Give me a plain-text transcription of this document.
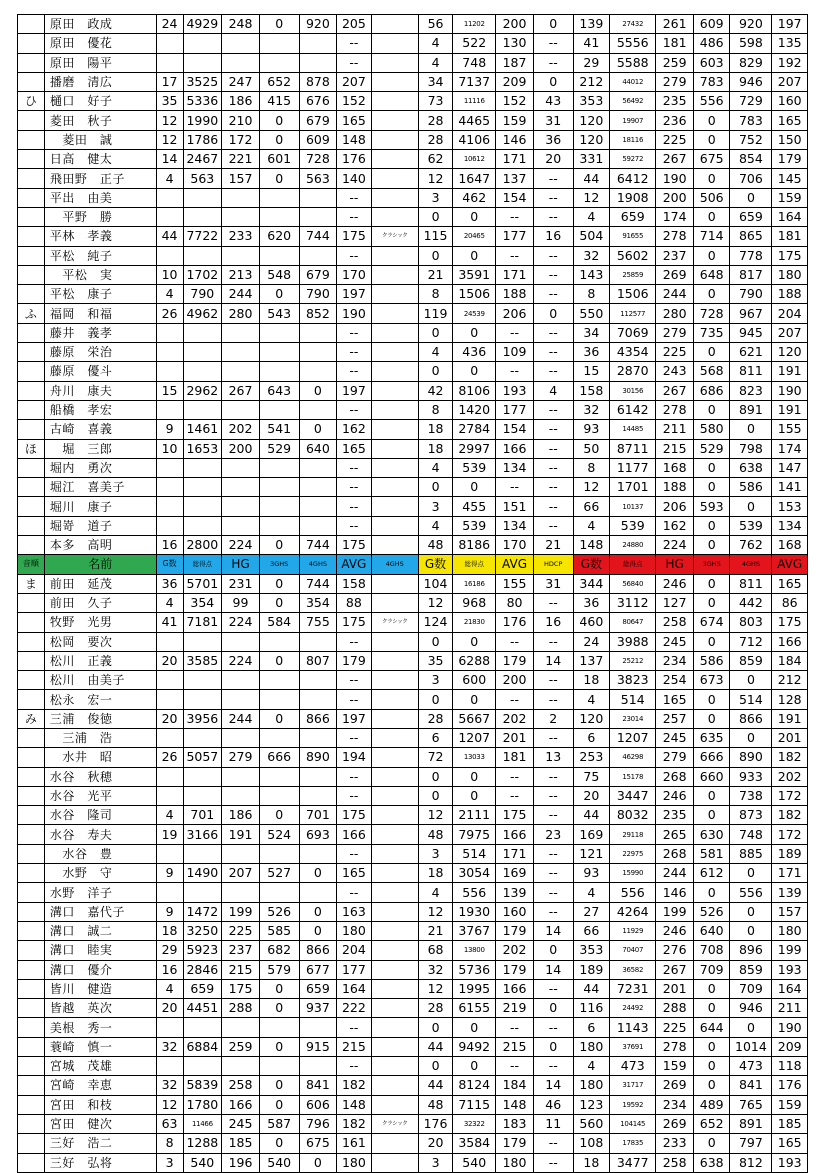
	原田　政成	24	4929	248	0	920	205		56	11202	200	0	139	27432	261	609	920	197
	原田　優花						--		4	522	130	--	41	5556	181	486	598	135
	原田　陽平						--		4	748	187	--	29	5588	259	603	829	192
	播磨　清広	17	3525	247	652	878	207		34	7137	209	0	212	44012	279	783	946	207
ひ	樋口　好子	35	5336	186	415	676	152		73	11116	152	43	353	56492	235	556	729	160
	菱田　秋子	12	1990	210	0	679	165		28	4465	159	31	120	19907	236	0	783	165
	　菱田　誠	12	1786	172	0	609	148		28	4106	146	36	120	18116	225	0	752	150
	日高　健太	14	2467	221	601	728	176		62	10612	171	20	331	59272	267	675	854	179
	飛田野　正子	4	563	157	0	563	140		12	1647	137	--	44	6412	190	0	706	145
	平出　由美						--		3	462	154	--	12	1908	200	506	0	159
	　平野　勝						--		0	0	--	--	4	659	174	0	659	164
	平林　孝義	44	7722	233	620	744	175	クラシック	115	20465	177	16	504	91655	278	714	865	181
	平松　純子						--		0	0	--	--	32	5602	237	0	778	175
	　平松　実	10	1702	213	548	679	170		21	3591	171	--	143	25859	269	648	817	180
	平松　康子	4	790	244	0	790	197		8	1506	188	--	8	1506	244	0	790	188
ふ	福岡　和福	26	4962	280	543	852	190		119	24539	206	0	550	112577	280	728	967	204
	藤井　義孝						--		0	0	--	--	34	7069	279	735	945	207
	藤原　栄治						--		4	436	109	--	36	4354	225	0	621	120
	藤原　優斗						--		0	0	--	--	15	2870	243	568	811	191
	舟川　康夫	15	2962	267	643	0	197		42	8106	193	4	158	30156	267	686	823	190
	船橋　孝宏						--		8	1420	177	--	32	6142	278	0	891	191
	古崎　喜義	9	1461	202	541	0	162		18	2784	154	--	93	14485	211	580	0	155
ほ	　堀　三郎	10	1653	200	529	640	165		18	2997	166	--	50	8711	215	529	798	174
	堀内　勇次						--		4	539	134	--	8	1177	168	0	638	147
	堀江　喜美子						--		0	0	--	--	12	1701	188	0	586	141
	堀川　康子						--		3	455	151	--	66	10137	206	593	0	153
	堀嵜　道子						--		4	539	134	--	4	539	162	0	539	134
	本多　高明	16	2800	224	0	744	175		48	8186	170	21	148	24880	224	0	762	168
音順	名前	G数	総得点	HG	3GHS	4GHS	AVG	4GHS	G数	総得点	AVG	HDCP	G数	総得点	HG	3GHS	4GHS	AVG
ま	前田　延茂	36	5701	231	0	744	158		104	16186	155	31	344	56840	246	0	811	165
	前田　久子	4	354	99	0	354	88		12	968	80	--	36	3112	127	0	442	86
	牧野　光男	41	7181	224	584	755	175	クラシック	124	21830	176	16	460	80647	258	674	803	175
	松岡　要次						--		0	0	--	--	24	3988	245	0	712	166
	松川　正義	20	3585	224	0	807	179		35	6288	179	14	137	25212	234	586	859	184
	松川　由美子						--		3	600	200	--	18	3823	254	673	0	212
	松永　宏一						--		0	0	--	--	4	514	165	0	514	128
み	三浦　俊徳	20	3956	244	0	866	197		28	5667	202	2	120	23014	257	0	866	191
	　三浦　浩						--		6	1207	201	--	6	1207	245	635	0	201
	　水井　昭	26	5057	279	666	890	194		72	13033	181	13	253	46298	279	666	890	182
	水谷　秋穂						--		0	0	--	--	75	15178	268	660	933	202
	水谷　光平						--		0	0	--	--	20	3447	246	0	738	172
	水谷　隆司	4	701	186	0	701	175		12	2111	175	--	44	8032	235	0	873	182
	水谷　寿夫	19	3166	191	524	693	166		48	7975	166	23	169	29118	265	630	748	172
	　水谷　豊						--		3	514	171	--	121	22975	268	581	885	189
	　水野　守	9	1490	207	527	0	165		18	3054	169	--	93	15990	244	612	0	171
	水野　洋子						--		4	556	139	--	4	556	146	0	556	139
	溝口　嘉代子	9	1472	199	526	0	163		12	1930	160	--	27	4264	199	526	0	157
	溝口　誠二	18	3250	225	585	0	180		21	3767	179	14	66	11929	246	640	0	180
	溝口　睦実	29	5923	237	682	866	204		68	13800	202	0	353	70407	276	708	896	199
	溝口　優介	16	2846	215	579	677	177		32	5736	179	14	189	36582	267	709	859	193
	皆川　健造	4	659	175	0	659	164		12	1995	166	--	44	7231	201	0	709	164
	皆越　英次	20	4451	288	0	937	222		28	6155	219	0	116	24492	288	0	946	211
	美根　秀一						--		0	0	--	--	6	1143	225	644	0	190
	蓑崎　慎一	32	6884	259	0	915	215		44	9492	215	0	180	37691	278	0	1014	209
	宮城　茂雄						--		0	0	--	--	4	473	159	0	473	118
	宮崎　幸恵	32	5839	258	0	841	182		44	8124	184	14	180	31717	269	0	841	176
	宮田　和枝	12	1780	166	0	606	148		48	7115	148	46	123	19592	234	489	765	159
	宮田　健次	63	11466	245	587	796	182	クラシック	176	32322	183	11	560	104145	269	652	891	185
	三好　浩二	8	1288	185	0	675	161		20	3584	179	--	108	17835	233	0	797	165
	三好　弘将	3	540	196	540	0	180		3	540	180	--	18	3477	258	638	812	193
